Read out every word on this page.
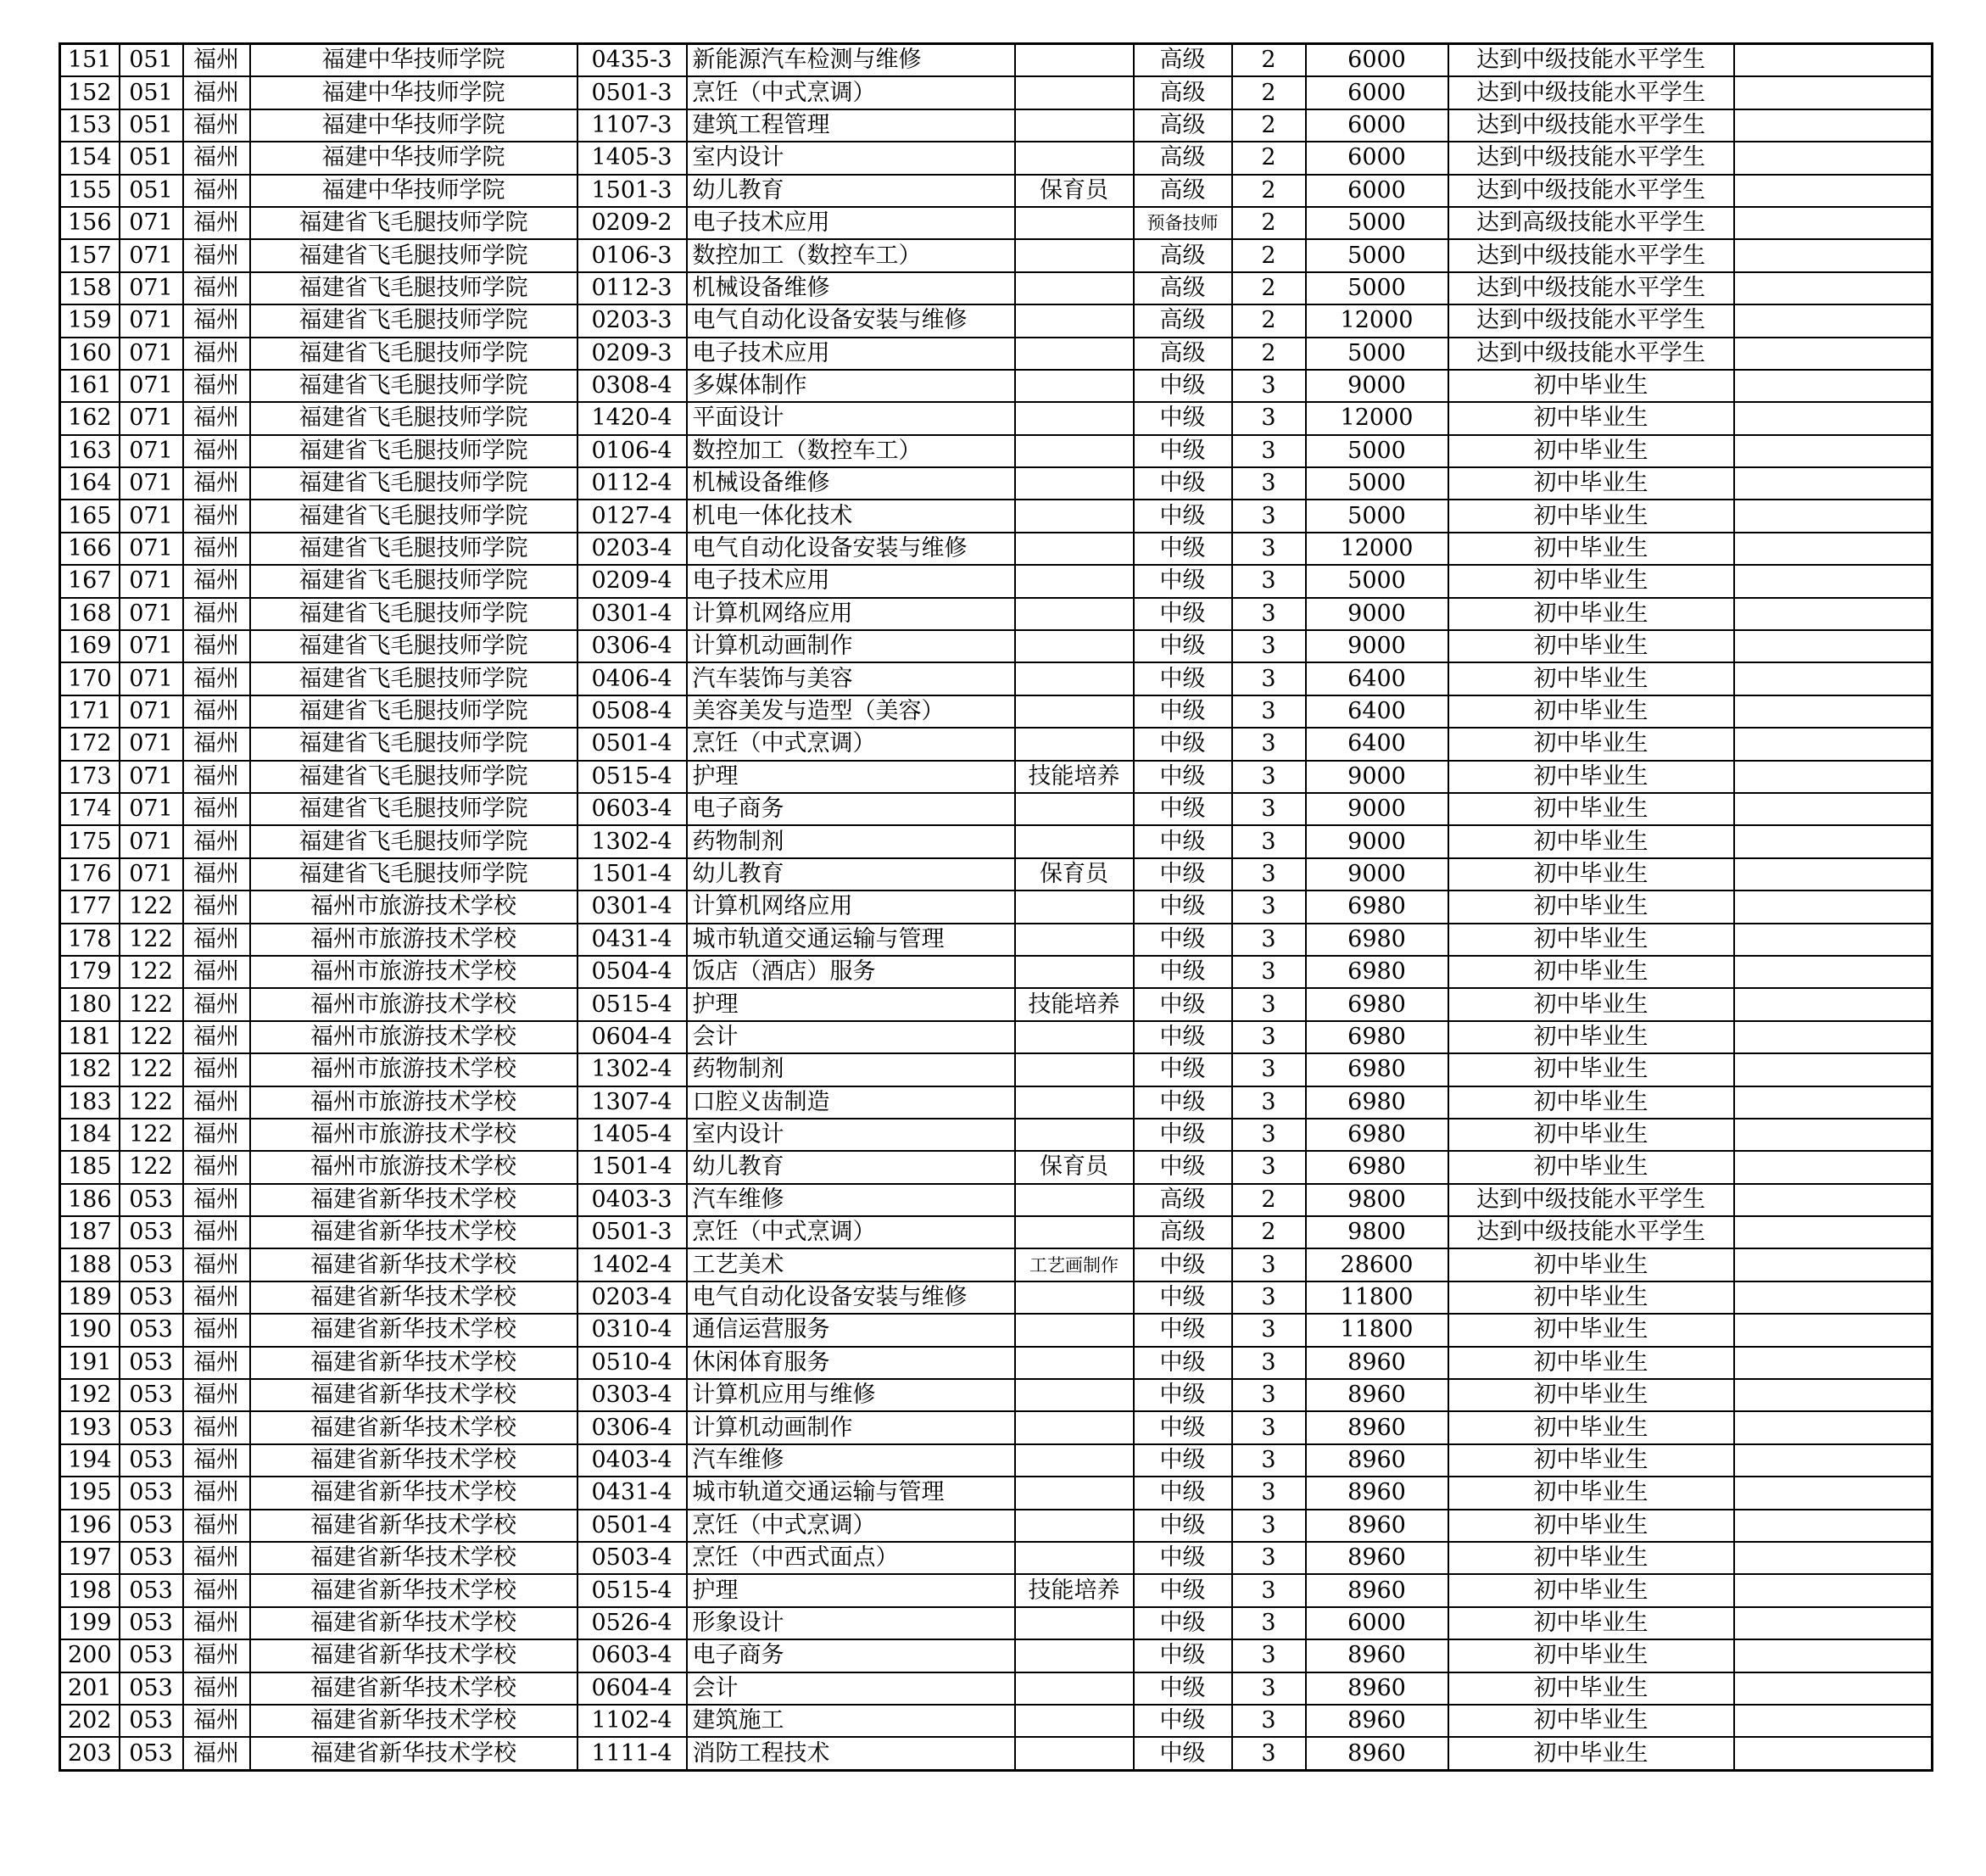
151	051	福州	福建中华技师学院	0435-3	新能源汽车检测与维修		高级	2	6000	达到中级技能水平学生	
152	051	福州	福建中华技师学院	0501-3	烹饪（中式烹调）		高级	2	6000	达到中级技能水平学生	
153	051	福州	福建中华技师学院	1107-3	建筑工程管理		高级	2	6000	达到中级技能水平学生	
154	051	福州	福建中华技师学院	1405-3	室内设计		高级	2	6000	达到中级技能水平学生	
155	051	福州	福建中华技师学院	1501-3	幼儿教育	保育员	高级	2	6000	达到中级技能水平学生	
156	071	福州	福建省飞毛腿技师学院	0209-2	电子技术应用		预备技师	2	5000	达到高级技能水平学生	
157	071	福州	福建省飞毛腿技师学院	0106-3	数控加工（数控车工）		高级	2	5000	达到中级技能水平学生	
158	071	福州	福建省飞毛腿技师学院	0112-3	机械设备维修		高级	2	5000	达到中级技能水平学生	
159	071	福州	福建省飞毛腿技师学院	0203-3	电气自动化设备安装与维修		高级	2	12000	达到中级技能水平学生	
160	071	福州	福建省飞毛腿技师学院	0209-3	电子技术应用		高级	2	5000	达到中级技能水平学生	
161	071	福州	福建省飞毛腿技师学院	0308-4	多媒体制作		中级	3	9000	初中毕业生	
162	071	福州	福建省飞毛腿技师学院	1420-4	平面设计		中级	3	12000	初中毕业生	
163	071	福州	福建省飞毛腿技师学院	0106-4	数控加工（数控车工）		中级	3	5000	初中毕业生	
164	071	福州	福建省飞毛腿技师学院	0112-4	机械设备维修		中级	3	5000	初中毕业生	
165	071	福州	福建省飞毛腿技师学院	0127-4	机电一体化技术		中级	3	5000	初中毕业生	
166	071	福州	福建省飞毛腿技师学院	0203-4	电气自动化设备安装与维修		中级	3	12000	初中毕业生	
167	071	福州	福建省飞毛腿技师学院	0209-4	电子技术应用		中级	3	5000	初中毕业生	
168	071	福州	福建省飞毛腿技师学院	0301-4	计算机网络应用		中级	3	9000	初中毕业生	
169	071	福州	福建省飞毛腿技师学院	0306-4	计算机动画制作		中级	3	9000	初中毕业生	
170	071	福州	福建省飞毛腿技师学院	0406-4	汽车装饰与美容		中级	3	6400	初中毕业生	
171	071	福州	福建省飞毛腿技师学院	0508-4	美容美发与造型（美容）		中级	3	6400	初中毕业生	
172	071	福州	福建省飞毛腿技师学院	0501-4	烹饪（中式烹调）		中级	3	6400	初中毕业生	
173	071	福州	福建省飞毛腿技师学院	0515-4	护理	技能培养	中级	3	9000	初中毕业生	
174	071	福州	福建省飞毛腿技师学院	0603-4	电子商务		中级	3	9000	初中毕业生	
175	071	福州	福建省飞毛腿技师学院	1302-4	药物制剂		中级	3	9000	初中毕业生	
176	071	福州	福建省飞毛腿技师学院	1501-4	幼儿教育	保育员	中级	3	9000	初中毕业生	
177	122	福州	福州市旅游技术学校	0301-4	计算机网络应用		中级	3	6980	初中毕业生	
178	122	福州	福州市旅游技术学校	0431-4	城市轨道交通运输与管理		中级	3	6980	初中毕业生	
179	122	福州	福州市旅游技术学校	0504-4	饭店（酒店）服务		中级	3	6980	初中毕业生	
180	122	福州	福州市旅游技术学校	0515-4	护理	技能培养	中级	3	6980	初中毕业生	
181	122	福州	福州市旅游技术学校	0604-4	会计		中级	3	6980	初中毕业生	
182	122	福州	福州市旅游技术学校	1302-4	药物制剂		中级	3	6980	初中毕业生	
183	122	福州	福州市旅游技术学校	1307-4	口腔义齿制造		中级	3	6980	初中毕业生	
184	122	福州	福州市旅游技术学校	1405-4	室内设计		中级	3	6980	初中毕业生	
185	122	福州	福州市旅游技术学校	1501-4	幼儿教育	保育员	中级	3	6980	初中毕业生	
186	053	福州	福建省新华技术学校	0403-3	汽车维修		高级	2	9800	达到中级技能水平学生	
187	053	福州	福建省新华技术学校	0501-3	烹饪（中式烹调）		高级	2	9800	达到中级技能水平学生	
188	053	福州	福建省新华技术学校	1402-4	工艺美术	工艺画制作	中级	3	28600	初中毕业生	
189	053	福州	福建省新华技术学校	0203-4	电气自动化设备安装与维修		中级	3	11800	初中毕业生	
190	053	福州	福建省新华技术学校	0310-4	通信运营服务		中级	3	11800	初中毕业生	
191	053	福州	福建省新华技术学校	0510-4	休闲体育服务		中级	3	8960	初中毕业生	
192	053	福州	福建省新华技术学校	0303-4	计算机应用与维修		中级	3	8960	初中毕业生	
193	053	福州	福建省新华技术学校	0306-4	计算机动画制作		中级	3	8960	初中毕业生	
194	053	福州	福建省新华技术学校	0403-4	汽车维修		中级	3	8960	初中毕业生	
195	053	福州	福建省新华技术学校	0431-4	城市轨道交通运输与管理		中级	3	8960	初中毕业生	
196	053	福州	福建省新华技术学校	0501-4	烹饪（中式烹调）		中级	3	8960	初中毕业生	
197	053	福州	福建省新华技术学校	0503-4	烹饪（中西式面点）		中级	3	8960	初中毕业生	
198	053	福州	福建省新华技术学校	0515-4	护理	技能培养	中级	3	8960	初中毕业生	
199	053	福州	福建省新华技术学校	0526-4	形象设计		中级	3	6000	初中毕业生	
200	053	福州	福建省新华技术学校	0603-4	电子商务		中级	3	8960	初中毕业生	
201	053	福州	福建省新华技术学校	0604-4	会计		中级	3	8960	初中毕业生	
202	053	福州	福建省新华技术学校	1102-4	建筑施工		中级	3	8960	初中毕业生	
203	053	福州	福建省新华技术学校	1111-4	消防工程技术		中级	3	8960	初中毕业生	
